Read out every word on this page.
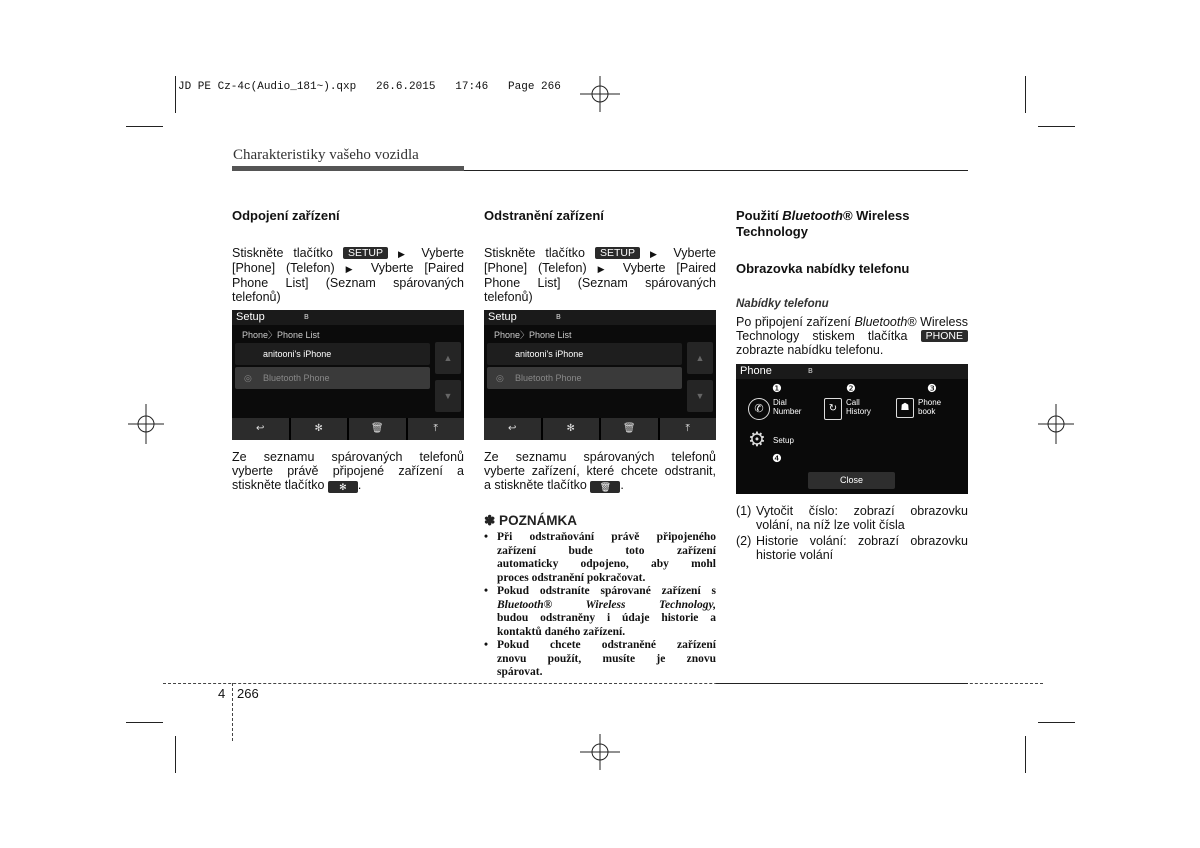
JD PE Cz-4c(Audio_181~).qxp   26.6.2015   17:46   Page 266
Charakteristiky vašeho vozidla
Odpojení zařízení
Stiskněte tlačítko SETUP ▶ Vyberte
[Phone] (Telefon) ▶ Vyberte [Paired
Phone List] (Seznam spárovaných
telefonů)
Setup	ʙ
Phone〉Phone List
anitooni's iPhone
◎ Bluetooth Phone
▲
▼
↩	✻	🗑	⤒
Ze seznamu spárovaných telefonů
vyberte právě připojené zařízení a
stiskněte tlačítko ✻ .
Odstranění zařízení
Stiskněte tlačítko SETUP ▶ Vyberte
[Phone] (Telefon) ▶ Vyberte [Paired
Phone List] (Seznam spárovaných
telefonů)
Setup	ʙ
Phone〉Phone List
anitooni's iPhone
◎ Bluetooth Phone
▲
▼
↩	✻	🗑	⤒
Ze seznamu spárovaných telefonů
vyberte zařízení, které chcete odstranit,
a stiskněte tlačítko 🗑 .
✽ POZNÁMKA
• Při odstraňování právě připojeného
zařízení bude toto zařízení
automaticky odpojeno, aby mohl
proces odstranění pokračovat.
• Pokud odstraníte spárované zařízení s
Bluetooth® Wireless Technology,
budou odstraněny i údaje historie a
kontaktů daného zařízení.
• Pokud chcete odstraněné zařízení
znovu použít, musíte je znovu
spárovat.
Použití Bluetooth® Wireless
Technology
Obrazovka nabídky telefonu
Nabídky telefonu
Po připojení zařízení Bluetooth® Wireless
Technology stiskem tlačítka PHONE
zobrazte nabídku telefonu.
Phone	ʙ
❶	❷	❸
✆
Dial
Number	↻
Call
History	☗	Phone
book
⚙ Setup
❹
Close
(1) Vytočit číslo: zobrazí obrazovku
volání, na níž lze volit čísla
(2) Historie volání: zobrazí obrazovku
historie volání
4 266
